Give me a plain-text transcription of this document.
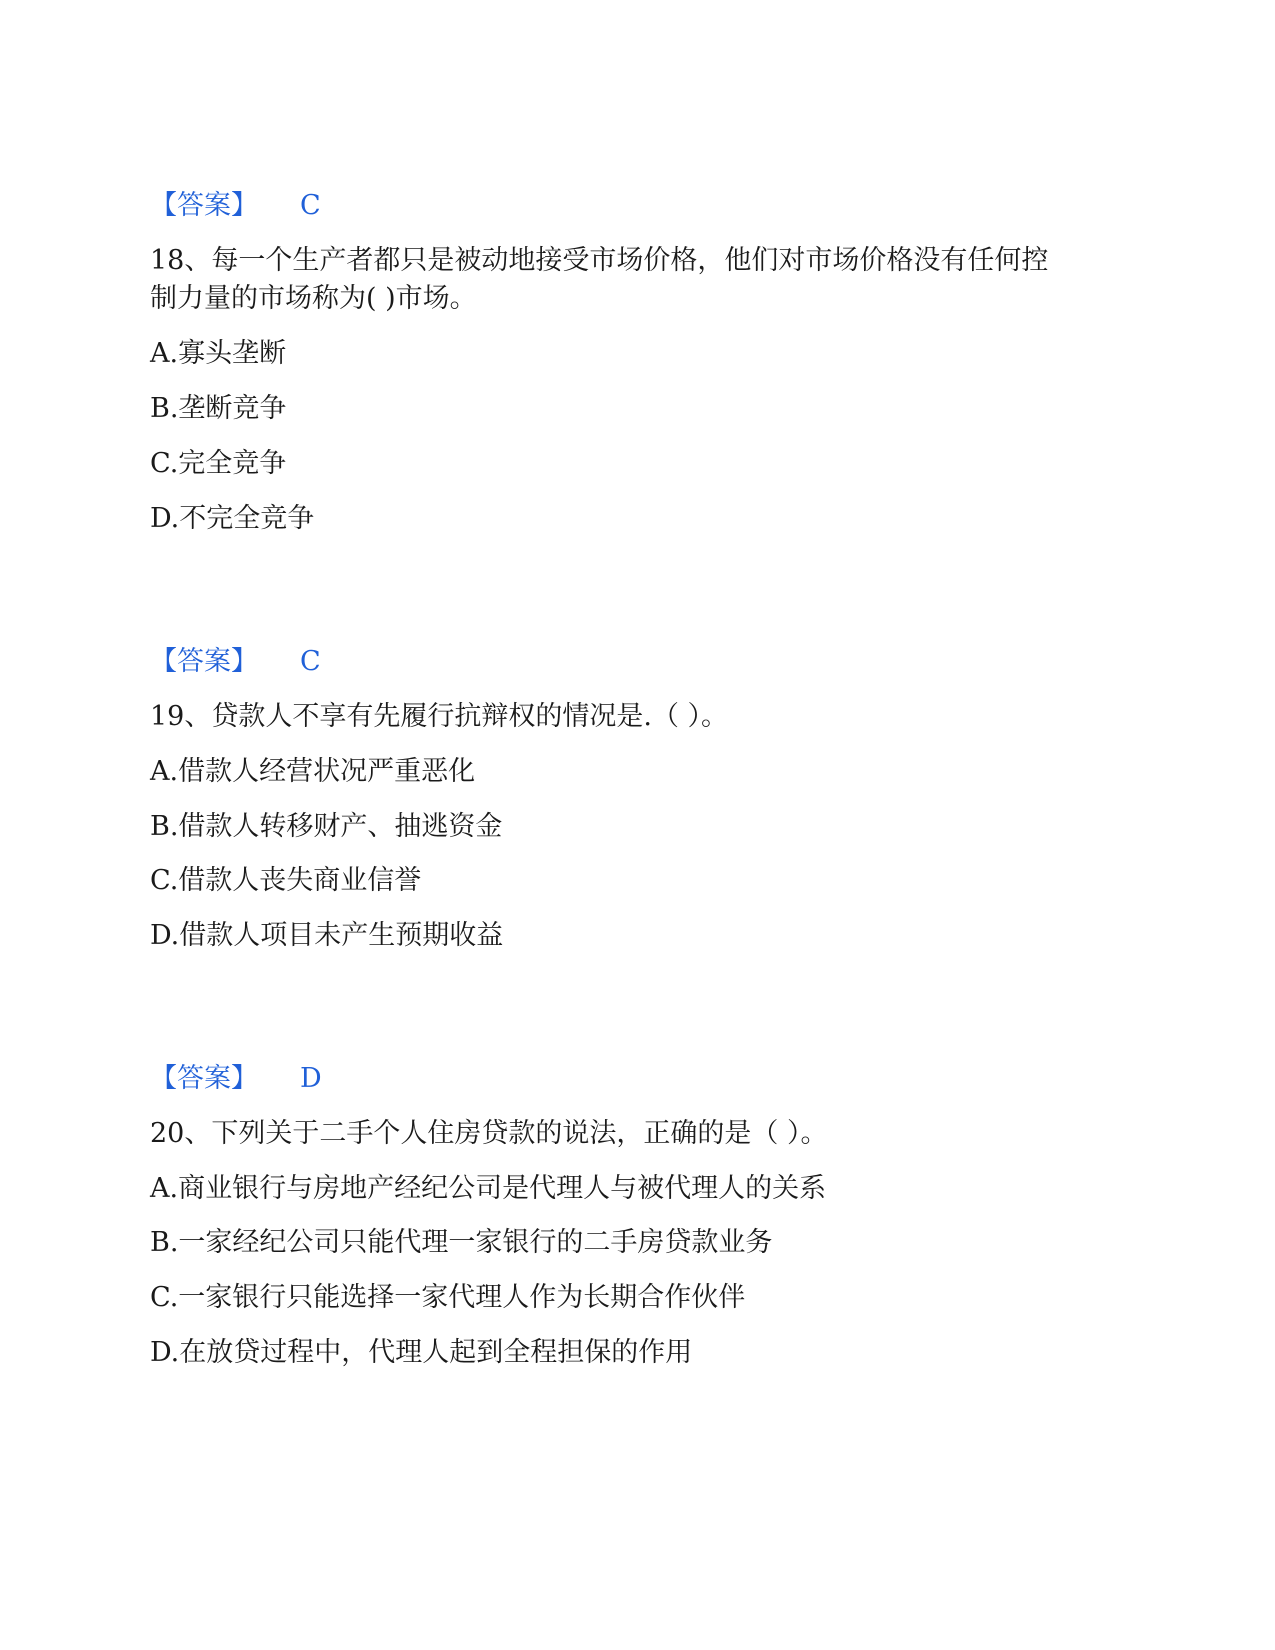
【答案】 C
18、每一个生产者都只是被动地接受市场价格，他们对市场价格没有任何控
制力量的市场称为( )市场。
A.寡头垄断
B.垄断竞争
C.完全竞争
D.不完全竞争
【答案】 C
19、贷款人不享有先履行抗辩权的情况是.（ ）。
A.借款人经营状况严重恶化
B.借款人转移财产、抽逃资金
C.借款人丧失商业信誉
D.借款人项目未产生预期收益
【答案】 D
20、下列关于二手个人住房贷款的说法，正确的是（ ）。
A.商业银行与房地产经纪公司是代理人与被代理人的关系
B.一家经纪公司只能代理一家银行的二手房贷款业务
C.一家银行只能选择一家代理人作为长期合作伙伴
D.在放贷过程中，代理人起到全程担保的作用
